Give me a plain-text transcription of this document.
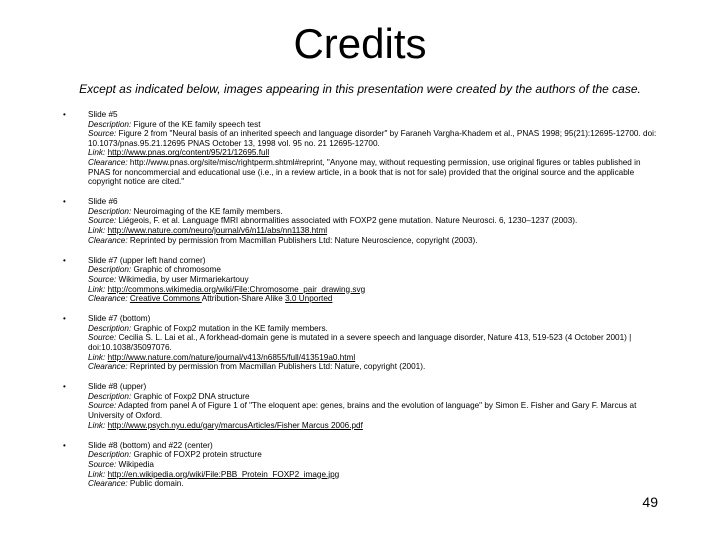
Credits
Except as indicated below, images appearing in this presentation were created by the authors of the case.
•	Slide #5
Description: Figure of the KE family speech test
Source: Figure 2 from "Neural basis of an inherited speech and language disorder" by Faraneh Vargha-Khadem et al., PNAS 1998; 95(21):12695-12700. doi: 10.1073/pnas.95.21.12695 PNAS October 13, 1998 vol. 95 no. 21 12695-12700.
Link: http://www.pnas.org/content/95/21/12695.full
Clearance: http://www.pnas.org/site/misc/rightperm.shtml#reprint, "Anyone may, without requesting permission, use original figures or tables published in PNAS for noncommercial and educational use (i.e., in a review article, in a book that is not for sale) provided that the original source and the applicable copyright notice are cited."
•	Slide #6
Description: Neuroimaging of the KE family members.
Source: Liégeois, F. et al. Language fMRI abnormalities associated with FOXP2 gene mutation. Nature Neurosci. 6, 1230–1237 (2003).
Link: http://www.nature.com/neuro/journal/v6/n11/abs/nn1138.html
Clearance: Reprinted by permission from Macmillan Publishers Ltd: Nature Neuroscience, copyright (2003).
•	Slide #7 (upper left hand corner)
Description: Graphic of chromosome
Source: Wikimedia, by user Mirmariekartouy
Link: http://commons.wikimedia.org/wiki/File:Chromosome_pair_drawing.svg
Clearance: Creative Commons Attribution-Share Alike 3.0 Unported
•	Slide #7 (bottom)
Description: Graphic of Foxp2 mutation in the KE family members.
Source: Cecilia S. L. Lai et al., A forkhead-domain gene is mutated in a severe speech and language disorder, Nature 413, 519-523 (4 October 2001) | doi:10.1038/35097076.
Link: http://www.nature.com/nature/journal/v413/n6855/full/413519a0.html
Clearance: Reprinted by permission from Macmillan Publishers Ltd: Nature, copyright (2001).
•	Slide #8 (upper)
Description: Graphic of Foxp2 DNA structure
Source: Adapted from panel A of Figure 1 of "The eloquent ape: genes, brains and the evolution of language" by Simon E. Fisher and Gary F. Marcus at University of Oxford.
Link: http://www.psych.nyu.edu/gary/marcusArticles/Fisher Marcus 2006.pdf
•	Slide #8 (bottom) and #22 (center)
Description: Graphic of FOXP2 protein structure
Source: Wikipedia
Link: http://en.wikipedia.org/wiki/File:PBB_Protein_FOXP2_image.jpg
Clearance: Public domain.
49
